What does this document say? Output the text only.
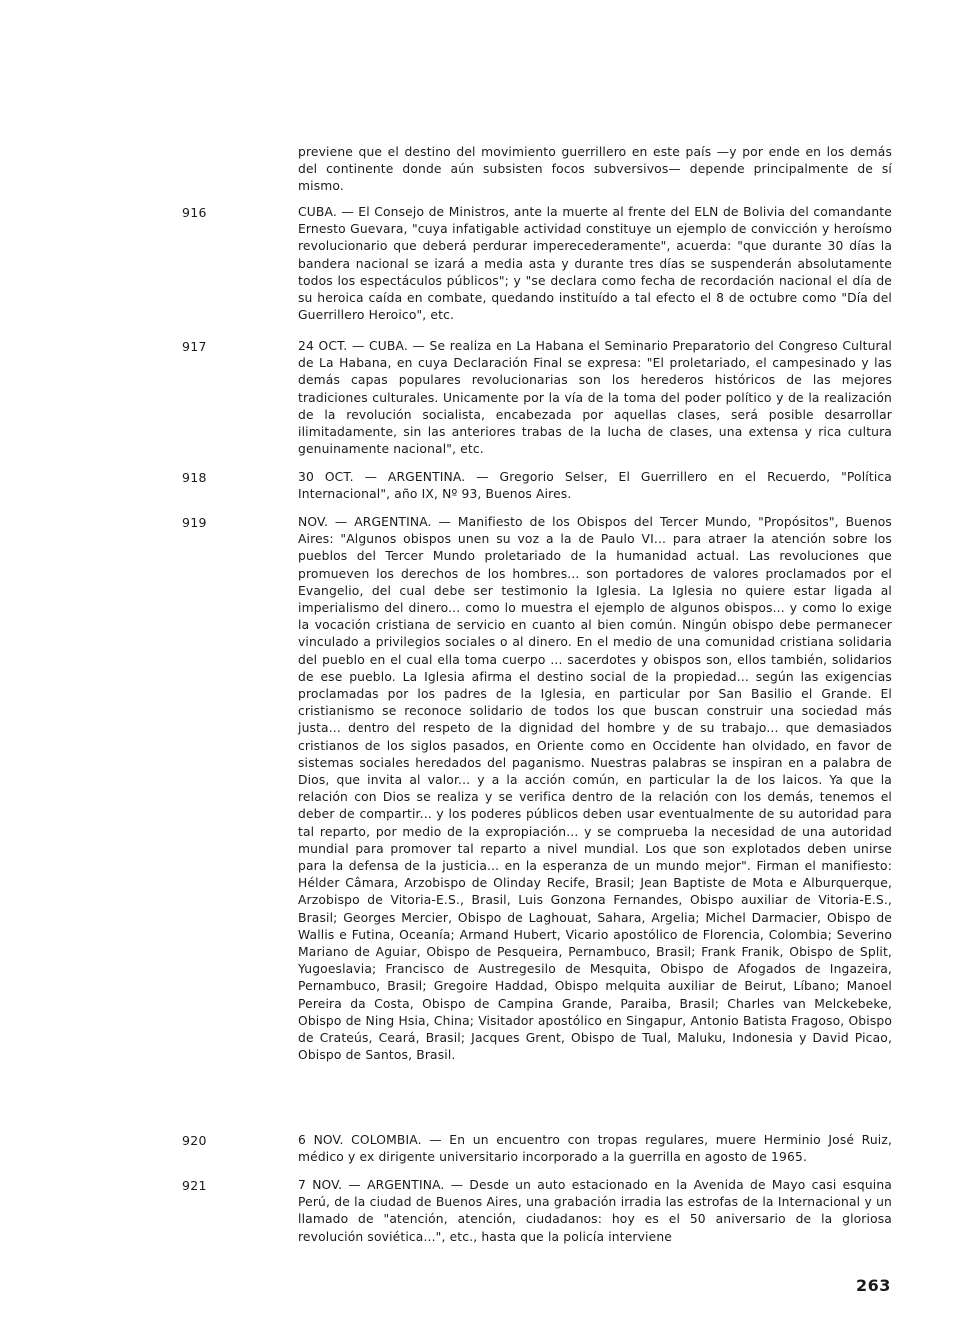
previene que el destino del movimiento guerrillero en este país —y por ende en los demás del continente donde aún subsisten focos subversivos— depende principalmente de sí mismo.

916	CUBA. — El Consejo de Ministros, ante la muerte al frente del ELN de Bolivia del comandante Ernesto Guevara, "cuya infatigable actividad constituye un ejemplo de convicción y heroísmo revolucionario que deberá perdurar imperecederamente", acuerda: "que durante 30 días la bandera nacional se izará a media asta y durante tres días se suspenderán absolutamente todos los espectáculos públicos"; y "se declara como fecha de recordación nacional el día de su heroica caída en combate, quedando instituído a tal efecto el 8 de octubre como "Día del Guerrillero Heroico", etc.

917	24 OCT. — CUBA. — Se realiza en La Habana el Seminario Preparatorio del Congreso Cultural de La Habana, en cuya Declaración Final se expresa: "El proletariado, el campesinado y las demás capas populares revolucionarias son los herederos históricos de las mejores tradiciones culturales. Unicamente por la vía de la toma del poder político y de la realización de la revolución socialista, encabezada por aquellas clases, será posible desarrollar ilimitadamente, sin las anteriores trabas de la lucha de clases, una extensa y rica cultura genuinamente nacional", etc.

918	30 OCT. — ARGENTINA. — Gregorio Selser, El Guerrillero en el Recuerdo, "Política Internacional", año IX, Nº 93, Buenos Aires.

919	NOV. — ARGENTINA. — Manifiesto de los Obispos del Tercer Mundo, "Propósitos", Buenos Aires: "Algunos obispos unen su voz a la de Paulo VI... para atraer la atención sobre los pueblos del Tercer Mundo proletariado de la humanidad actual. Las revoluciones que promueven los derechos de los hombres... son portadores de valores proclamados por el Evangelio, del cual debe ser testimonio la Iglesia. La Iglesia no quiere estar ligada al imperialismo del dinero... como lo muestra el ejemplo de algunos obispos... y como lo exige la vocación cristiana de servicio en cuanto al bien común. Ningún obispo debe permanecer vinculado a privilegios sociales o al dinero. En el medio de una comunidad cristiana solidaria del pueblo en el cual ella toma cuerpo ... sacerdotes y obispos son, ellos también, solidarios de ese pueblo. La Iglesia afirma el destino social de la propiedad... según las exigencias proclamadas por los padres de la Iglesia, en particular por San Basilio el Grande. El cristianismo se reconoce solidario de todos los que buscan construir una sociedad más justa... dentro del respeto de la dignidad del hombre y de su trabajo... que demasiados cristianos de los siglos pasados, en Oriente como en Occidente han olvidado, en favor de sistemas sociales heredados del paganismo. Nuestras palabras se inspiran en a palabra de Dios, que invita al valor... y a la acción común, en particular la de los laicos. Ya que la relación con Dios se realiza y se verifica dentro de la relación con los demás, tenemos el deber de compartir... y los poderes públicos deben usar eventualmente de su autoridad para tal reparto, por medio de la expropiación... y se comprueba la necesidad de una autoridad mundial para promover tal reparto a nivel mundial. Los que son explotados deben unirse para la defensa de la justicia... en la esperanza de un mundo mejor". Firman el manifiesto: Hélder Câmara, Arzobispo de Olinday Recife, Brasil; Jean Baptiste de Mota e Alburquerque, Arzobispo de Vitoria-E.S., Brasil, Luis Gonzona Fernandes, Obispo auxiliar de Vitoria-E.S., Brasil; Georges Mercier, Obispo de Laghouat, Sahara, Argelia; Michel Darmacier, Obispo de Wallis e Futina, Oceanía; Armand Hubert, Vicario apostólico de Florencia, Colombia; Severino Mariano de Aguiar, Obispo de Pesqueira, Pernambuco, Brasil; Frank Franik, Obispo de Split, Yugoeslavia; Francisco de Austregesilo de Mesquita, Obispo de Afogados de Ingazeira, Pernambuco, Brasil; Gregoire Haddad, Obispo melquita auxiliar de Beirut, Líbano; Manoel Pereira da Costa, Obispo de Campina Grande, Paraiba, Brasil; Charles van Melckebeke, Obispo de Ning Hsia, China; Visitador apostólico en Singapur, Antonio Batista Fragoso, Obispo de Crateús, Ceará, Brasil; Jacques Grent, Obispo de Tual, Maluku, Indonesia y David Picao, Obispo de Santos, Brasil.

920	6 NOV. COLOMBIA. — En un encuentro con tropas regulares, muere Herminio José Ruiz, médico y ex dirigente universitario incorporado a la guerrilla en agosto de 1965.

921	7 NOV. — ARGENTINA. — Desde un auto estacionado en la Avenida de Mayo casi esquina Perú, de la ciudad de Buenos Aires, una grabación irradia las estrofas de la Internacional y un llamado de "atención, atención, ciudadanos: hoy es el 50 aniversario de la gloriosa revolución soviética...", etc., hasta que la policía interviene

263
